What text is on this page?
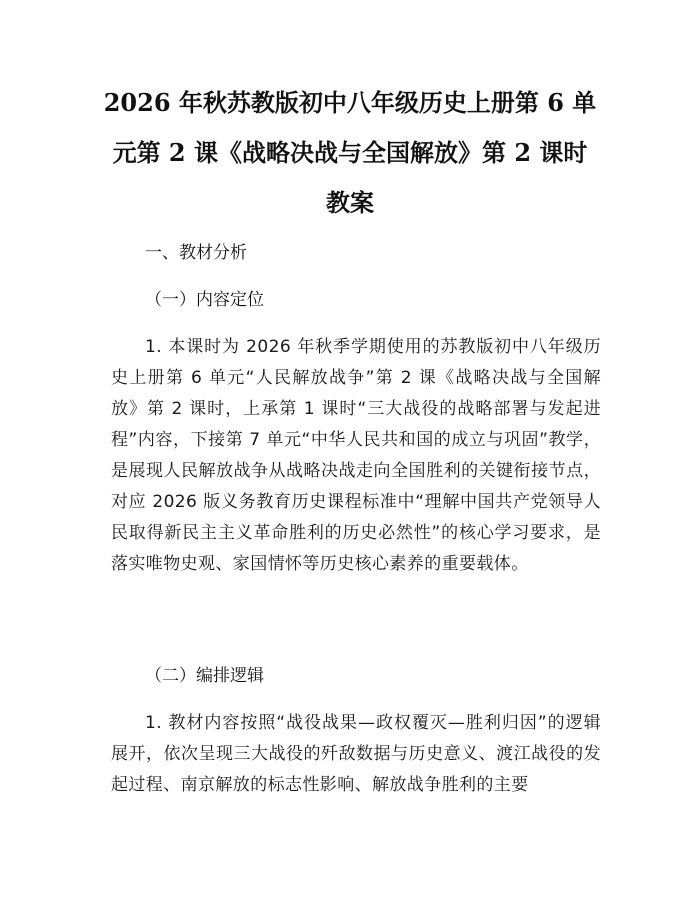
2026 年秋苏教版初中八年级历史上册第 6 单
元第 2 课《战略决战与全国解放》第 2 课时
教案
一、教材分析
（一）内容定位

1. 本课时为 2026 年秋季学期使用的苏教版初中八年级历史上册第 6 单元“人民解放战争”第 2 课《战略决战与全国解放》第 2 课时，上承第 1 课时“三大战役的战略部署与发起进程”内容，下接第 7 单元“中华人民共和国的成立与巩固”教学，是展现人民解放战争从战略决战走向全国胜利的关键衔接节点，对应 2026 版义务教育历史课程标准中“理解中国共产党领导人民取得新民主主义革命胜利的历史必然性”的核心学习要求，是落实唯物史观、家国情怀等历史核心素养的重要载体。

（二）编排逻辑

1. 教材内容按照“战役战果—政权覆灭—胜利归因”的逻辑展开，依次呈现三大战役的歼敌数据与历史意义、渡江战役的发起过程、南京解放的标志性影响、解放战争胜利的主要
